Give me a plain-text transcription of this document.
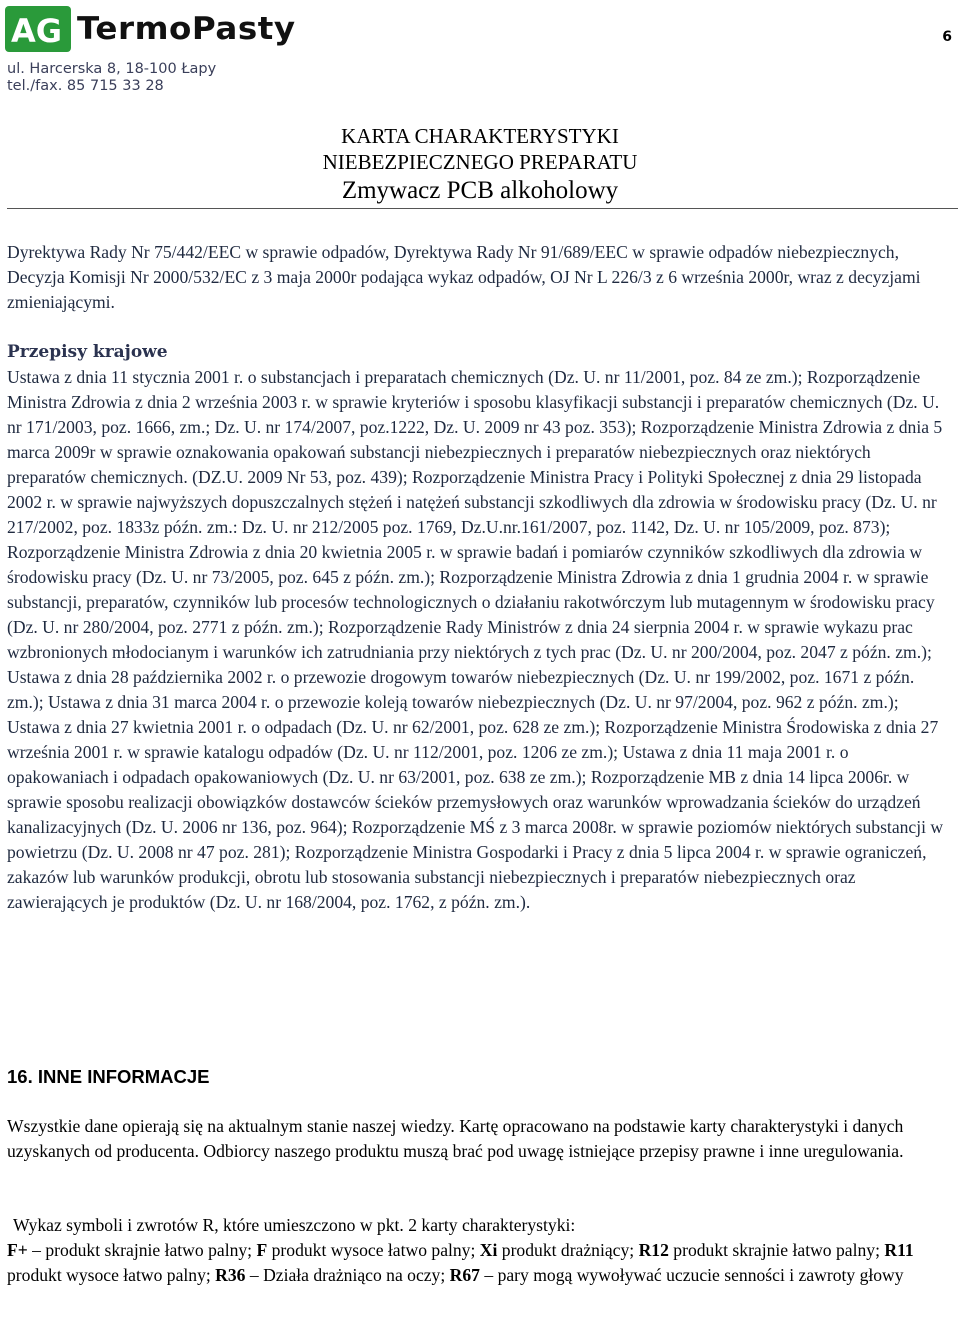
AG TermoPasty
ul. Harcerska 8, 18-100 Łapy
tel./fax. 85 715 33 28
6
KARTA CHARAKTERYSTYKI
NIEBEZPIECZNEGO PREPARATU
Zmywacz PCB alkoholowy
Dyrektywa Rady Nr 75/442/EEC w sprawie odpadów, Dyrektywa Rady Nr 91/689/EEC w sprawie odpadów niebezpiecznych, Decyzja Komisji Nr 2000/532/EC z 3 maja 2000r podająca wykaz odpadów, OJ Nr L 226/3 z 6 września 2000r, wraz z decyzjami zmieniającymi.
Przepisy krajowe
Ustawa z dnia 11 stycznia 2001 r. o substancjach i preparatach chemicznych (Dz. U. nr 11/2001, poz. 84 ze zm.); Rozporządzenie Ministra Zdrowia z dnia 2 września 2003 r. w sprawie kryteriów i sposobu klasyfikacji substancji i preparatów chemicznych (Dz. U. nr 171/2003, poz. 1666, zm.; Dz. U. nr 174/2007, poz.1222, Dz. U. 2009 nr 43 poz. 353); Rozporządzenie Ministra Zdrowia z dnia 5 marca 2009r w sprawie oznakowania opakowań substancji niebezpiecznych i preparatów niebezpiecznych oraz niektórych preparatów chemicznych. (DZ.U. 2009 Nr 53, poz. 439); Rozporządzenie Ministra Pracy i Polityki Społecznej z dnia 29 listopada 2002 r. w sprawie najwyższych dopuszczalnych stężeń i natężeń substancji szkodliwych dla zdrowia w środowisku pracy (Dz. U. nr 217/2002, poz. 1833z późn. zm.: Dz. U. nr 212/2005 poz. 1769, Dz.U.nr.161/2007, poz. 1142, Dz. U. nr 105/2009, poz. 873); Rozporządzenie Ministra Zdrowia z dnia 20 kwietnia 2005 r. w sprawie badań i pomiarów czynników szkodliwych dla zdrowia w środowisku pracy (Dz. U. nr 73/2005, poz. 645 z późn. zm.); Rozporządzenie Ministra Zdrowia z dnia 1 grudnia 2004 r. w sprawie substancji, preparatów, czynników lub procesów technologicznych o działaniu rakotwórczym lub mutagennym w środowisku pracy (Dz. U. nr 280/2004, poz. 2771 z późn. zm.); Rozporządzenie Rady Ministrów z dnia 24 sierpnia 2004 r. w sprawie wykazu prac wzbronionych młodocianym i warunków ich zatrudniania przy niektórych z tych prac (Dz. U. nr 200/2004, poz. 2047 z późn. zm.); Ustawa z dnia 28 października 2002 r. o przewozie drogowym towarów niebezpiecznych (Dz. U. nr 199/2002, poz. 1671 z późn. zm.); Ustawa z dnia 31 marca 2004 r. o przewozie koleją towarów niebezpiecznych (Dz. U. nr 97/2004, poz. 962 z późn. zm.); Ustawa z dnia 27 kwietnia 2001 r. o odpadach (Dz. U. nr 62/2001, poz. 628 ze zm.); Rozporządzenie Ministra Środowiska z dnia 27 września 2001 r. w sprawie katalogu odpadów (Dz. U. nr 112/2001, poz. 1206 ze zm.); Ustawa z dnia 11 maja 2001 r. o opakowaniach i odpadach opakowaniowych (Dz. U. nr 63/2001, poz. 638 ze zm.); Rozporządzenie MB z dnia 14 lipca 2006r. w sprawie sposobu realizacji obowiązków dostawców ścieków przemysłowych oraz warunków wprowadzania ścieków do urządzeń kanalizacyjnych (Dz. U. 2006 nr 136, poz. 964); Rozporządzenie MŚ z 3 marca 2008r. w sprawie poziomów niektórych substancji w powietrzu (Dz. U. 2008 nr 47 poz. 281); Rozporządzenie Ministra Gospodarki i Pracy z dnia 5 lipca 2004 r. w sprawie ograniczeń, zakazów lub warunków produkcji, obrotu lub stosowania substancji niebezpiecznych i preparatów niebezpiecznych oraz zawierających je produktów (Dz. U. nr 168/2004, poz. 1762, z późn. zm.).
16. INNE INFORMACJE
Wszystkie dane opierają się na aktualnym stanie naszej wiedzy. Kartę opracowano na podstawie karty charakterystyki i danych uzyskanych od producenta. Odbiorcy naszego produktu muszą brać pod uwagę istniejące przepisy prawne i inne uregulowania.
Wykaz symboli i zwrotów R, które umieszczono w pkt. 2 karty charakterystyki:
F+ – produkt skrajnie łatwo palny; F produkt wysoce łatwo palny; Xi produkt drażniący; R12 produkt skrajnie łatwo palny; R11 produkt wysoce łatwo palny; R36 – Działa drażniąco na oczy; R67 – pary mogą wywoływać uczucie senności i zawroty głowy
